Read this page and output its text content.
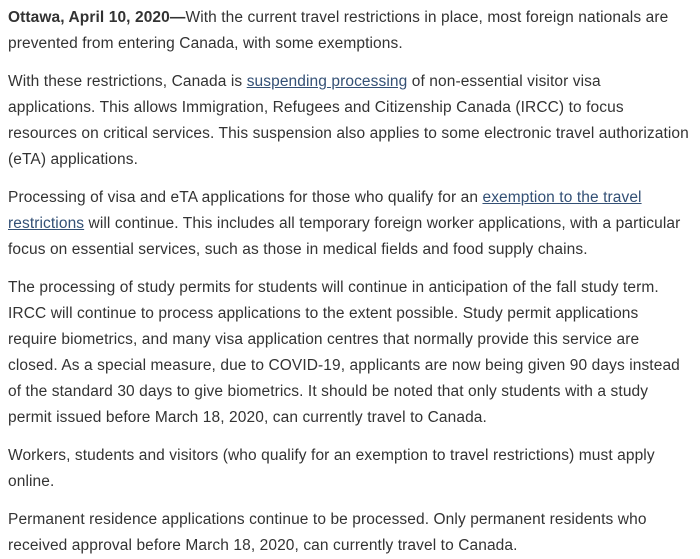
Ottawa, April 10, 2020—With the current travel restrictions in place, most foreign nationals are prevented from entering Canada, with some exemptions.

With these restrictions, Canada is suspending processing of non-essential visitor visa applications. This allows Immigration, Refugees and Citizenship Canada (IRCC) to focus resources on critical services. This suspension also applies to some electronic travel authorization (eTA) applications.

Processing of visa and eTA applications for those who qualify for an exemption to the travel restrictions will continue. This includes all temporary foreign worker applications, with a particular focus on essential services, such as those in medical fields and food supply chains.

The processing of study permits for students will continue in anticipation of the fall study term. IRCC will continue to process applications to the extent possible. Study permit applications require biometrics, and many visa application centres that normally provide this service are closed. As a special measure, due to COVID-19, applicants are now being given 90 days instead of the standard 30 days to give biometrics. It should be noted that only students with a study permit issued before March 18, 2020, can currently travel to Canada.

Workers, students and visitors (who qualify for an exemption to travel restrictions) must apply online.

Permanent residence applications continue to be processed. Only permanent residents who received approval before March 18, 2020, can currently travel to Canada.
